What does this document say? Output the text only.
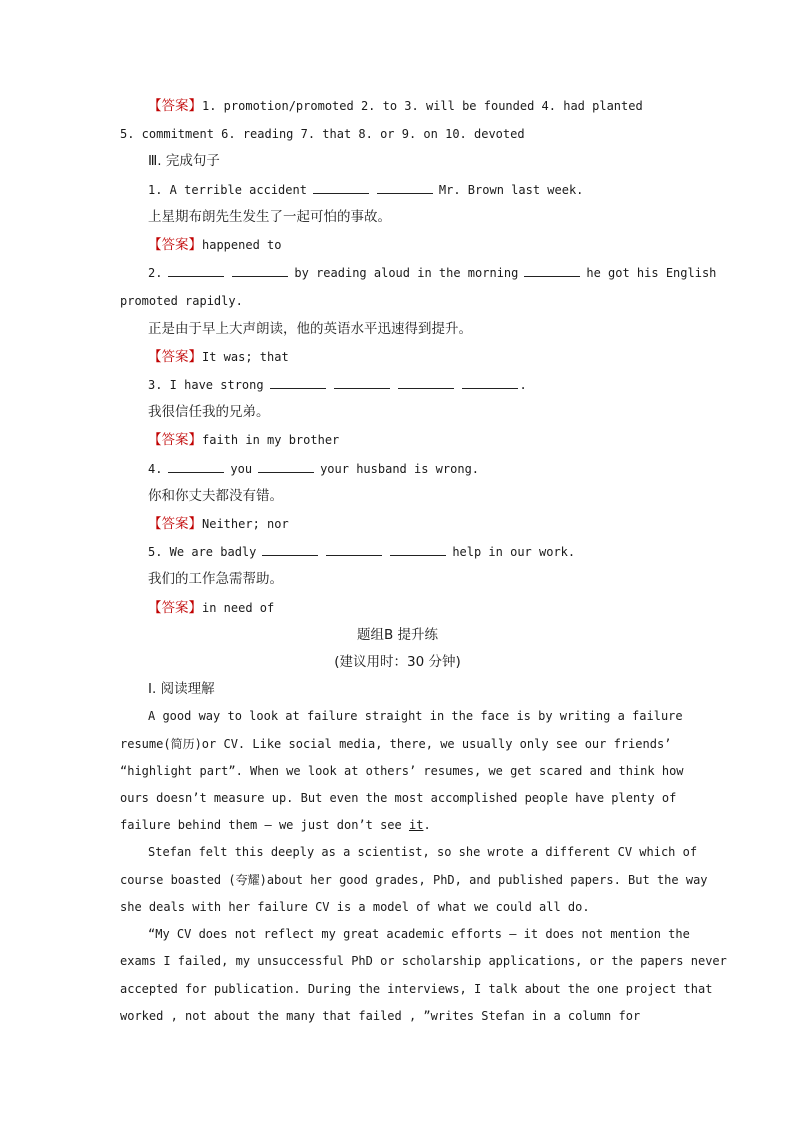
【答案】1. promotion/promoted 2. to 3. will be founded 4. had planted

5. commitment 6. reading 7. that 8. or 9. on 10. devoted

Ⅲ. 完成句子

1. A terrible accident	Mr. Brown last week.

上星期布朗先生发生了一起可怕的事故。

【答案】happened to

2.	by reading aloud in the morning	he got his English

promoted rapidly.

正是由于早上大声朗读，他的英语水平迅速得到提升。

【答案】It was; that

3. I have strong	.

我很信任我的兄弟。

【答案】faith in my brother

4.	you	your husband is wrong.

你和你丈夫都没有错。

【答案】Neither; nor

5. We are badly	help in our work.

我们的工作急需帮助。

【答案】in need of

题组B 提升练

(建议用时：30 分钟)

Ⅰ. 阅读理解

A good way to look at failure straight in the face is by writing a failure

resume(简历)or CV. Like social media, there, we usually only see our friends’

“highlight part”. When we look at others’ resumes, we get scared and think how

ours doesn’t measure up. But even the most accomplished people have plenty of

failure behind them — we just don’t see it.

Stefan felt this deeply as a scientist, so she wrote a different CV which of

course boasted (夸耀)about her good grades, PhD, and published papers. But the way

she deals with her failure CV is a model of what we could all do.

“My CV does not reflect my great academic efforts — it does not mention the

exams I failed, my unsuccessful PhD or scholarship applications, or the papers never

accepted for publication. During the interviews, I talk about the one project that

worked , not about the many that failed , ”writes Stefan in a column for
